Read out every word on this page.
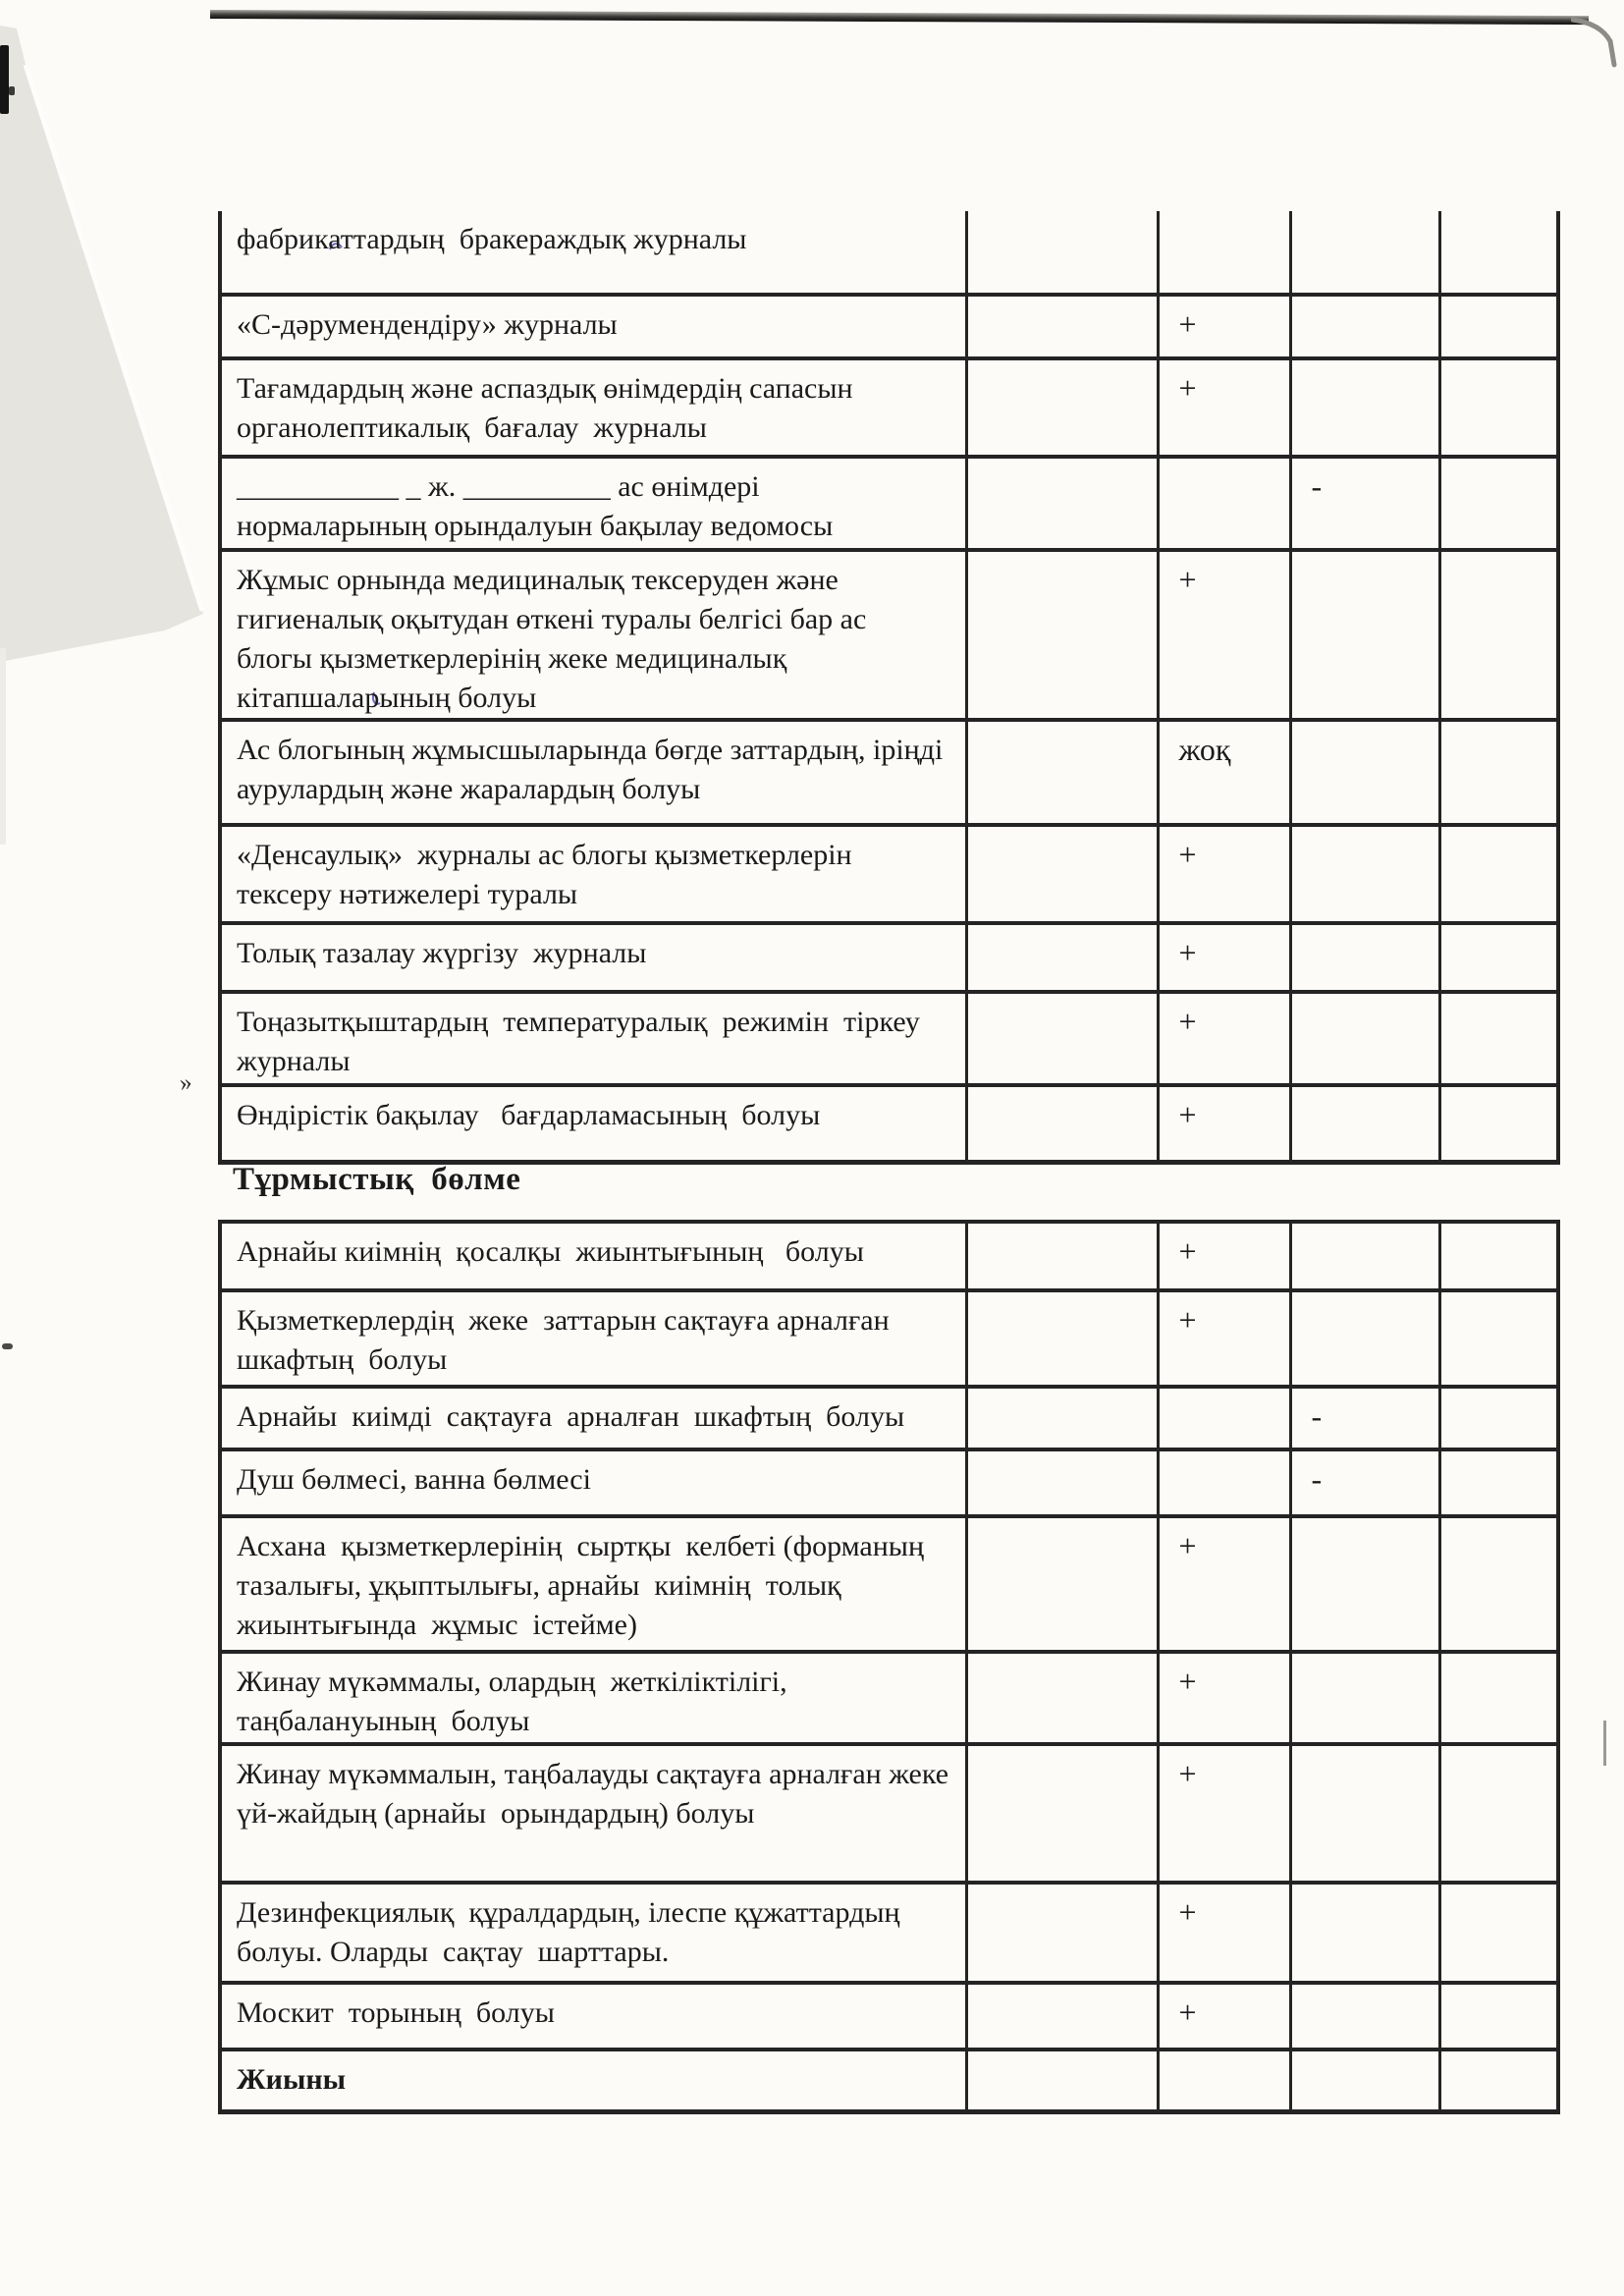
»
фабрикаттардың  бракераждық журналы				
«С-дәрумендендіру» журналы		+		
Тағамдардың және аспаздық өнімдердің сапасын органолептикалық  бағалау  журналы		+		
___________ _ ж. __________ ас өнімдері нормаларының орындалуын бақылау ведомосы			-	
Жұмыс орнында медициналық тексеруден және гигиеналық оқытудан өткені туралы белгісі бар ас блогы қызметкерлерінің жеке медициналық кітапшаларының болуы		+		
Ас блогының жұмысшыларында бөгде заттардың, іріңді аурулардың және жаралардың болуы		жоқ		
«Денсаулық»  журналы ас блогы қызметкерлерін тексеру нәтижелері туралы		+		
Толық тазалау жүргізу  журналы		+		
Тоңазытқыштардың  температуралық  режимін  тіркеу журналы		+		
Өндірістік бақылау   бағдарламасының  болуы		+		
Тұрмыстық  бөлме
Арнайы киімнің  қосалқы  жиынтығының   болуы		+		
Қызметкерлердің  жеке  заттарын сақтауға арналған шкафтың  болуы		+		
Арнайы  киімді  сақтауға  арналған  шкафтың  болуы			-	
Душ бөлмесі, ванна бөлмесі			-	
Асхана  қызметкерлерінің  сыртқы  келбеті (форманың тазалығы, ұқыптылығы, арнайы  киімнің  толық жиынтығында  жұмыс  істейме)		+		
Жинау мүкәммалы, олардың  жеткіліктілігі, таңбалануының  болуы		+		
Жинау мүкәммалын, таңбалауды сақтауға арналған жеке үй-жайдың (арнайы  орындардың) болуы		+		
Дезинфекциялық  құралдардың, ілеспе құжаттардың болуы. Оларды  сақтау  шарттары.		+		
Москит  торының  болуы		+		
Жиыны				
